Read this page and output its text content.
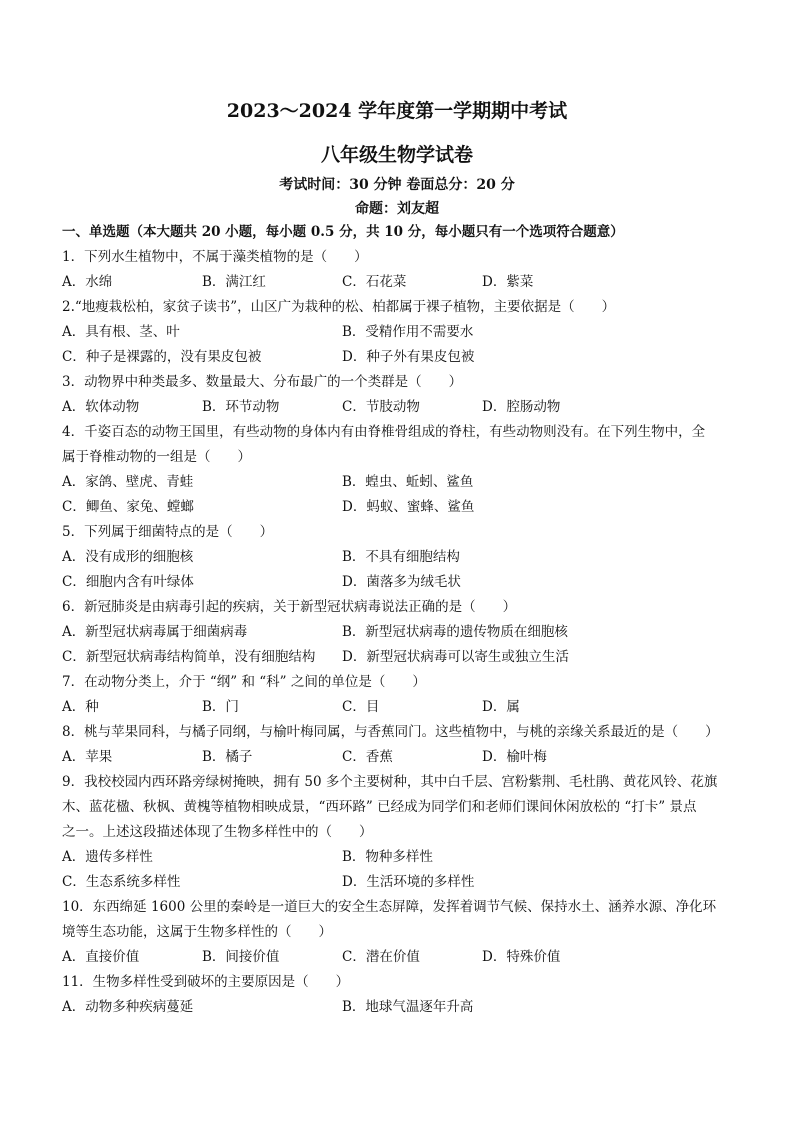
2023～2024 学年度第一学期期中考试
八年级生物学试卷
考试时间：30 分钟 卷面总分：20 分
命题：刘友超
一、单选题（本大题共 20 小题，每小题 0.5 分，共 10 分，每小题只有一个选项符合题意）
1．下列水生植物中，不属于藻类植物的是（　　）
A．水绵	B．满江红	C．石花菜	D．紫菜
2.“地瘦栽松柏，家贫子读书”，山区广为栽种的松、柏都属于裸子植物，主要依据是（　　）
A．具有根、茎、叶	B．受精作用不需要水
C．种子是裸露的，没有果皮包被	D．种子外有果皮包被
3．动物界中种类最多、数量最大、分布最广的一个类群是（　　）
A．软体动物	B．环节动物	C．节肢动物	D．腔肠动物
4．千姿百态的动物王国里，有些动物的身体内有由脊椎骨组成的脊柱，有些动物则没有。在下列生物中，全
属于脊椎动物的一组是（　　）
A．家鸽、壁虎、青蛙	B．蝗虫、蚯蚓、鲨鱼
C．鲫鱼、家兔、螳螂	D．蚂蚁、蜜蜂、鲨鱼
5．下列属于细菌特点的是（　　）
A．没有成形的细胞核	B．不具有细胞结构
C．细胞内含有叶绿体	D．菌落多为绒毛状
6．新冠肺炎是由病毒引起的疾病，关于新型冠状病毒说法正确的是（　　）
A．新型冠状病毒属于细菌病毒	B．新型冠状病毒的遗传物质在细胞核
C．新型冠状病毒结构简单，没有细胞结构	D．新型冠状病毒可以寄生或独立生活
7．在动物分类上，介于 “纲” 和 “科” 之间的单位是（　　）
A．种	B．门	C．目	D．属
8．桃与苹果同科，与橘子同纲，与榆叶梅同属，与香蕉同门。这些植物中，与桃的亲缘关系最近的是（　　）
A．苹果	B．橘子	C．香蕉	D．榆叶梅
9．我校校园内西环路旁绿树掩映，拥有 50 多个主要树种，其中白千层、宫粉紫荆、毛杜鹃、黄花风铃、花旗
木、蓝花楹、秋枫、黄槐等植物相映成景，“西环路” 已经成为同学们和老师们课间休闲放松的 “打卡” 景点
之一。上述这段描述体现了生物多样性中的（　　）
A．遗传多样性	B．物种多样性
C．生态系统多样性	D．生活环境的多样性
10．东西绵延 1600 公里的秦岭是一道巨大的安全生态屏障，发挥着调节气候、保持水土、涵养水源、净化环
境等生态功能，这属于生物多样性的（　　）
A．直接价值	B．间接价值	C．潜在价值	D．特殊价值
11．生物多样性受到破坏的主要原因是（　　）
A．动物多种疾病蔓延	B．地球气温逐年升高
